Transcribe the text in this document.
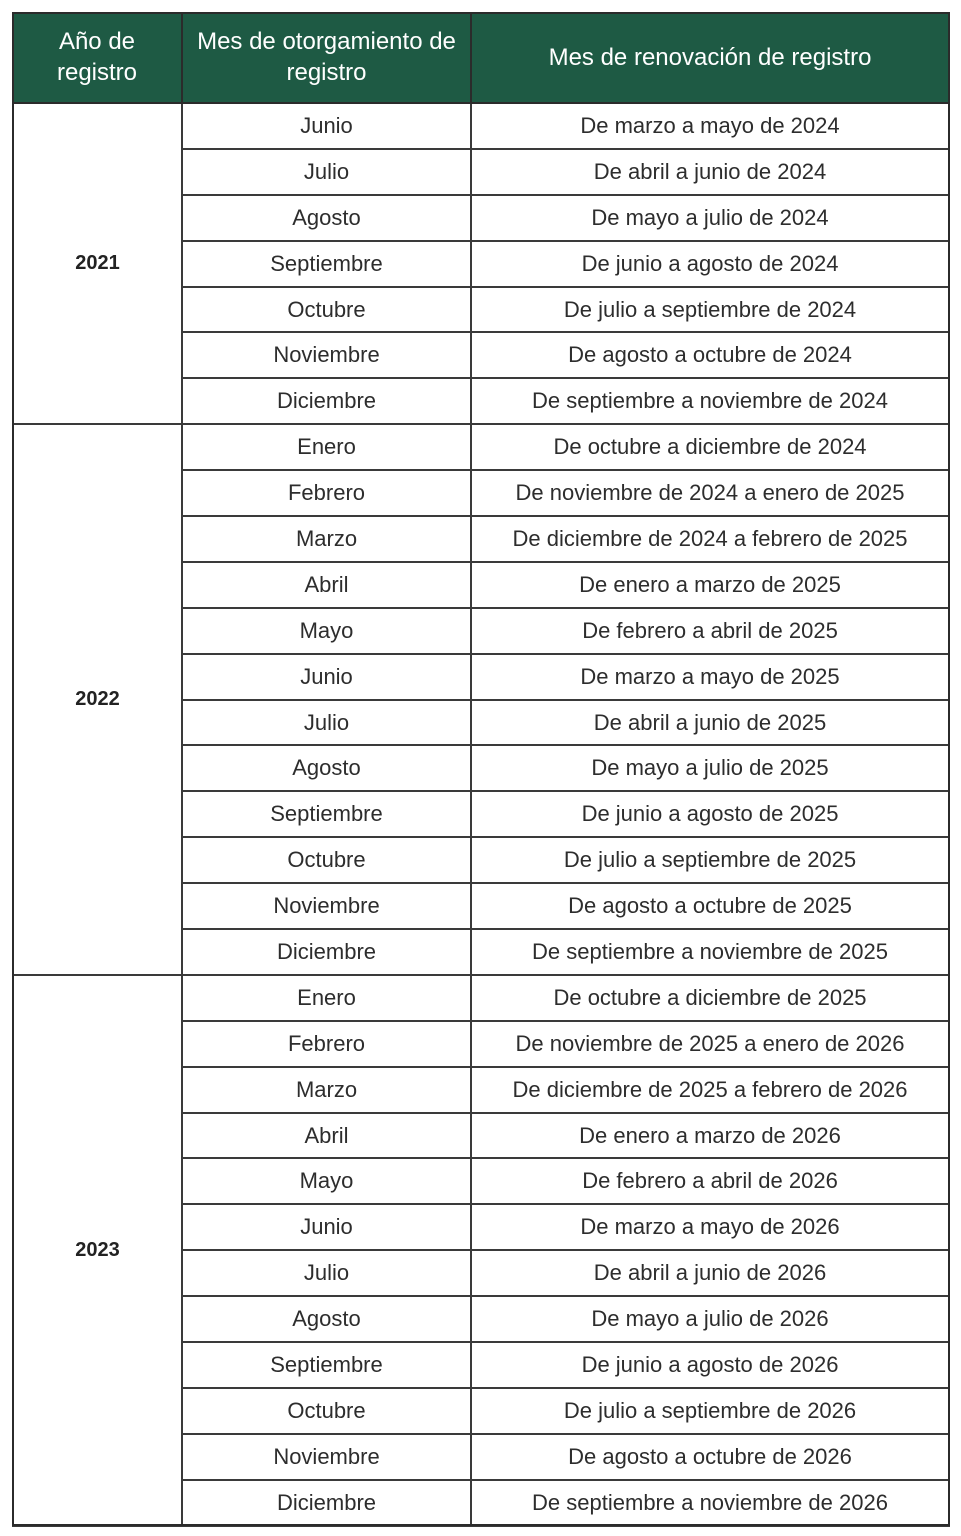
Año de registro	Mes de otorgamiento de registro	Mes de renovación de registro
2021	Junio	De marzo a mayo de 2024
	Julio	De abril a junio de 2024
	Agosto	De mayo a julio de 2024
	Septiembre	De junio a agosto de 2024
	Octubre	De julio a septiembre de 2024
	Noviembre	De agosto a octubre de 2024
	Diciembre	De septiembre a noviembre de 2024
2022	Enero	De octubre a diciembre de 2024
	Febrero	De noviembre de 2024 a enero de 2025
	Marzo	De diciembre de 2024 a febrero de 2025
	Abril	De enero a marzo de 2025
	Mayo	De febrero a abril de 2025
	Junio	De marzo a mayo de 2025
	Julio	De abril a junio de 2025
	Agosto	De mayo a julio de 2025
	Septiembre	De junio a agosto de 2025
	Octubre	De julio a septiembre de 2025
	Noviembre	De agosto a octubre de 2025
	Diciembre	De septiembre a noviembre de 2025
2023	Enero	De octubre a diciembre de 2025
	Febrero	De noviembre de 2025 a enero de 2026
	Marzo	De diciembre de 2025 a febrero de 2026
	Abril	De enero a marzo de 2026
	Mayo	De febrero a abril de 2026
	Junio	De marzo a mayo de 2026
	Julio	De abril a junio de 2026
	Agosto	De mayo a julio de 2026
	Septiembre	De junio a agosto de 2026
	Octubre	De julio a septiembre de 2026
	Noviembre	De agosto a octubre de 2026
	Diciembre	De septiembre a noviembre de 2026
